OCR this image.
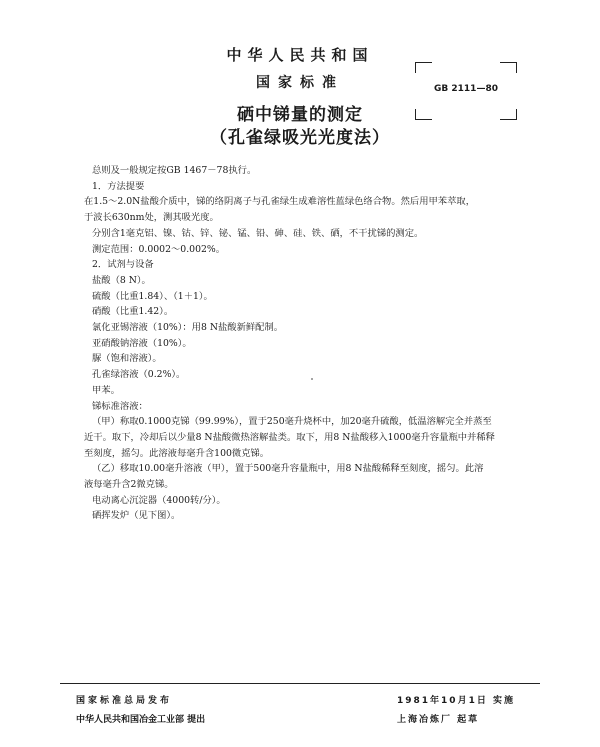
中华人民共和国
国家标准
硒中锑量的测定
（孔雀绿吸光光度法）
GB 2111—80

总则及一般规定按GB 1467－78执行。

1．方法提要

在1.5～2.0N盐酸介质中，锑的络阴离子与孔雀绿生成难溶性蓝绿色络合物。然后用甲苯萃取，

于波长630nm处，测其吸光度。

分别含1毫克铝、镍、钴、锌、铋、锰、铅、砷、硅、铁、硒，不干扰锑的测定。

测定范围：0.0002～0.002%。

2．试剂与设备

盐酸（8 N）。

硫酸（比重1.84）、（1＋1）。

硝酸（比重1.42）。

氯化亚锡溶液（10%）：用8 N盐酸新鲜配制。

亚硝酸钠溶液（10%）。

脲（饱和溶液）。

孔雀绿溶液（0.2%）。

甲苯。

锑标准溶液：

（甲）称取0.1000克锑（99.99%），置于250毫升烧杯中，加20毫升硫酸，低温溶解完全并蒸至

近干。取下，冷却后以少量8 N盐酸微热溶解盐类。取下，用8 N盐酸移入1000毫升容量瓶中并稀释

至刻度，摇匀。此溶液每毫升含100微克锑。

（乙）移取10.00毫升溶液（甲），置于500毫升容量瓶中，用8 N盐酸稀释至刻度，摇匀。此溶

液每毫升含2微克锑。

电动离心沉淀器（4000转/分）。

硒挥发炉（见下图）。

国家标准总局发布
中华人民共和国冶金工业部 提出
1981年10月1日 实施
上海冶炼厂 起草
